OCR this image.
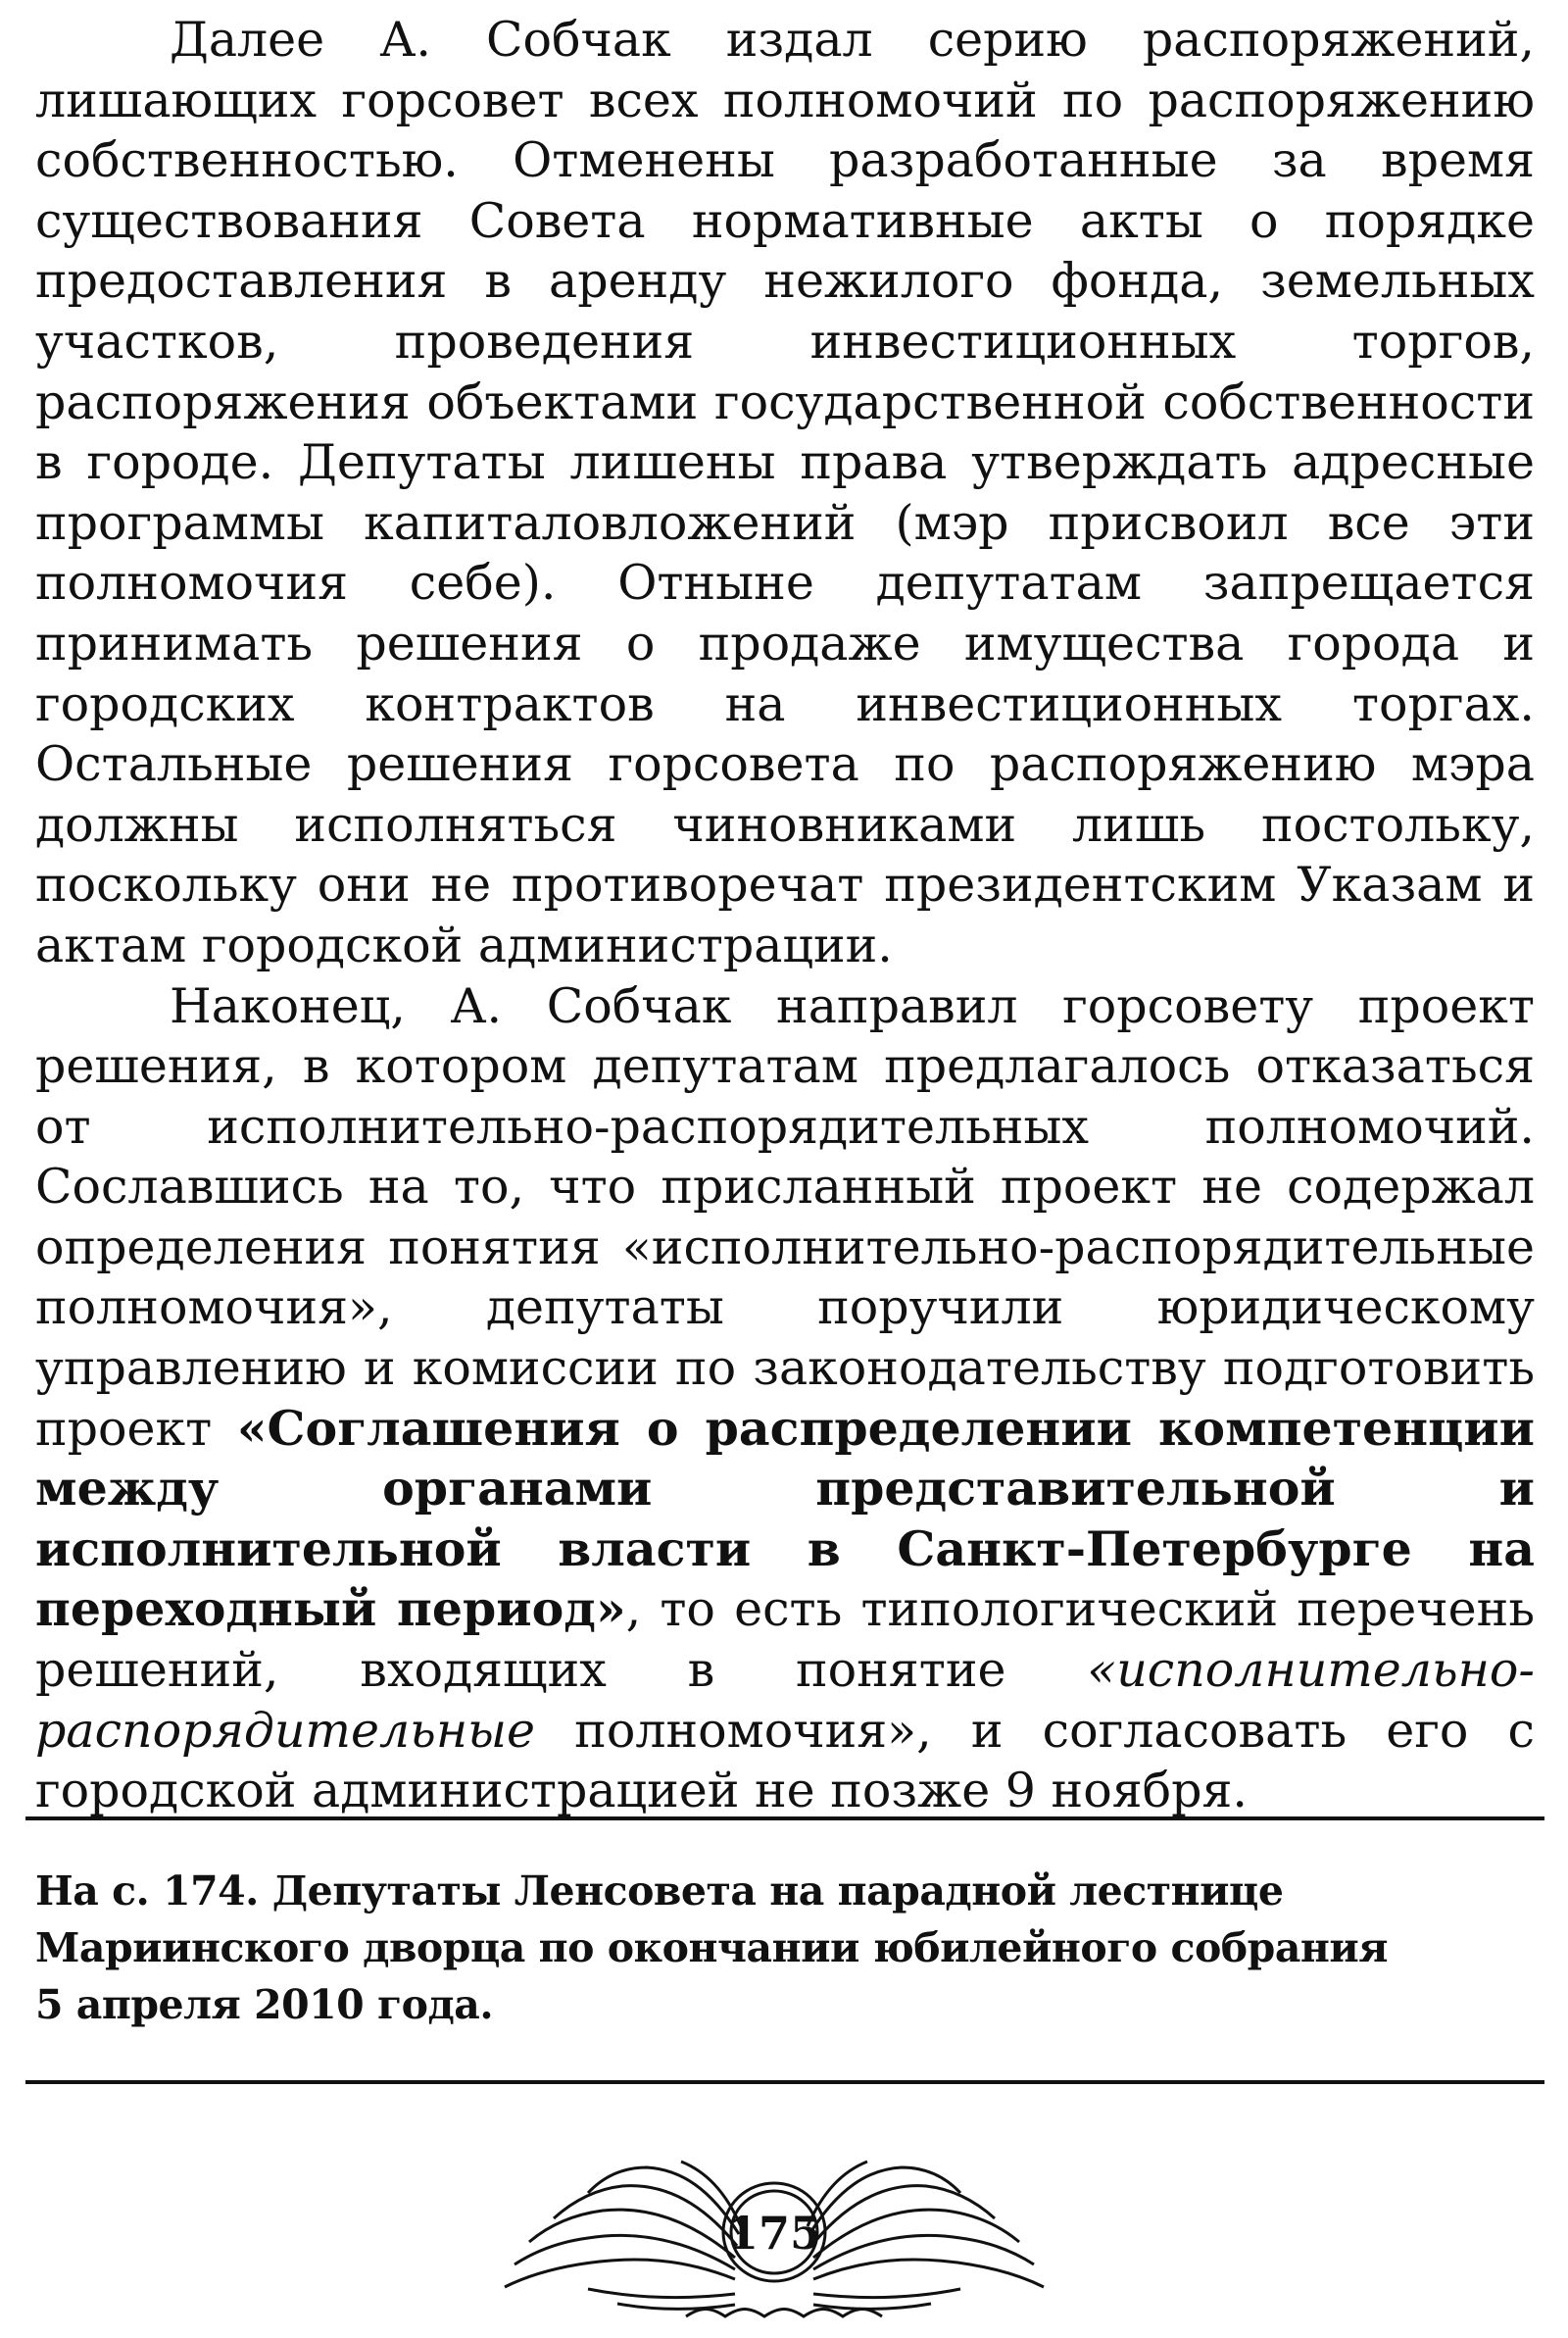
Далее А. Собчак издал серию распоряжений, лишающих горсовет всех полномочий по распоряжению собственностью. Отменены разработанные за время существования Совета нормативные акты о порядке предоставления в аренду нежилого фонда, земельных участков, проведения инвестиционных торгов, распоряжения объектами государственной собственности в городе. Депутаты лишены права утверждать адресные программы капиталовложений (мэр присвоил все эти полномочия себе). Отныне депутатам запрещается принимать решения о продаже имущества города и городских контрактов на инвестиционных торгах. Остальные решения горсовета по распоряжению мэра должны исполняться чиновниками лишь постольку, поскольку они не противоречат президентским Указам и актам городской администрации.

Наконец, А. Собчак направил горсовету проект решения, в котором депутатам предлагалось отказаться от исполнительно-распорядительных полномочий. Сославшись на то, что присланный проект не содержал определения понятия «исполнительно-распорядительные полномочия», депутаты поручили юридическому управлению и комиссии по законодательству подготовить проект «Соглашения о распределении компетенции между органами представительной и исполнительной власти в Санкт-Петербурге на переходный период», то есть типологический перечень решений, входящих в понятие «исполнительно-распорядительные полномочия», и согласовать его с городской администрацией не позже 9 ноября.

На с. 174. Депутаты Ленсовета на парадной лестнице
Мариинского дворца по окончании юбилейного собрания
5 апреля 2010 года.
175
